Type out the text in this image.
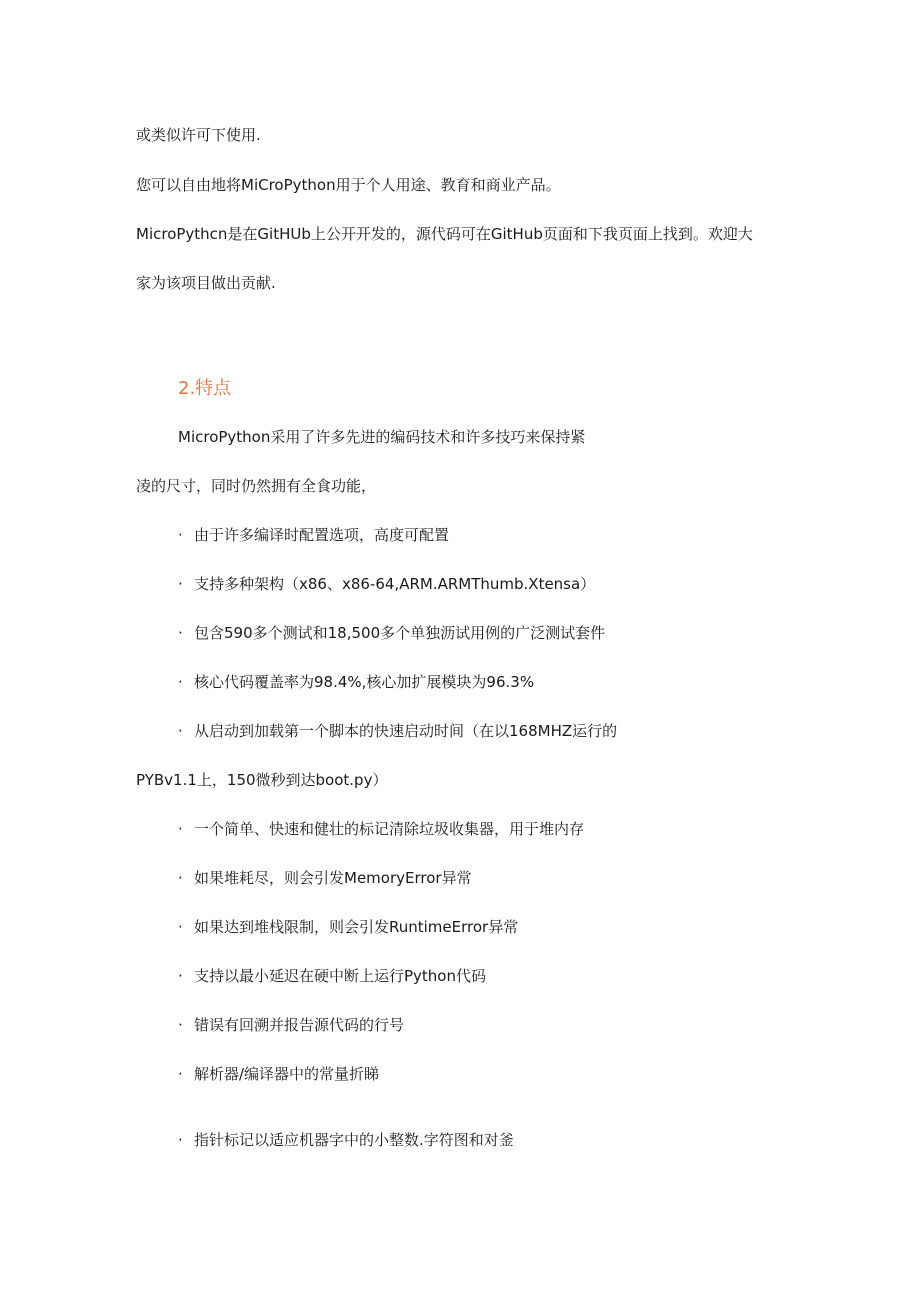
或类似许可下使用.
您可以自由地将MiCroPython用于个人用途、教育和商业产品。
MicroPythcn是在GitHUb上公开开发的，源代码可在GitHub页面和下我页面上找到。欢迎大
家为该项目做出贡献.
2.特点
MicroPython采用了许多先进的编码技术和许多技巧来保持紧
凌的尺寸，同时仍然拥有全食功能，
· 由于许多编译时配置选项，高度可配置
· 支持多种架构（x86、x86-64,ARM.ARMThumb.Xtensa）
· 包含590多个测试和18,500多个单独沥试用例的广泛测试套件
· 核心代码覆盖率为98.4%,核心加扩展模块为96.3%
· 从启动到加载第一个脚本的快速启动时间（在以168MHZ运行的
PYBv1.1上，150微秒到达boot.py）
· 一个简单、快速和健壮的标记清除垃圾收集器，用于堆内存
· 如果堆耗尽，则会引发MemoryError异常
· 如果达到堆栈限制，则会引发RuntimeError异常
· 支持以最小延迟在硬中断上运行Python代码
· 错误有回溯并报告源代码的行号
· 解析器/编译器中的常量折睇
· 指针标记以适应机器字中的小整数.字符图和对釜
